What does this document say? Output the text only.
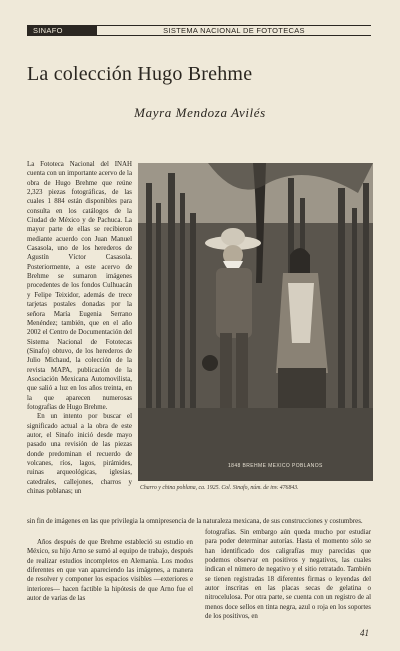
SINAFO	SISTEMA NACIONAL DE FOTOTECAS
La colección Hugo Brehme
Mayra Mendoza Avilés

La Fototeca Nacional del INAH cuenta con un importante acervo de la obra de Hugo Brehme que reúne 2,323 piezas fotográficas, de las cuales 1 884 están disponibles para consulta en los catálogos de la Ciudad de México y de Pachuca. La mayor parte de ellas se recibieron mediante acuerdo con Juan Manuel Casasola, uno de los herederos de Agustín Víctor Casasola. Posteriormente, a este acervo de Brehme se sumaron imágenes procedentes de los fondos Culhuacán y Felipe Teixidor, además de trece tarjetas postales donadas por la señora María Eugenia Serrano Menéndez; también, que en el año 2002 el Centro de Documentación del Sistema Nacional de Fototecas (Sinafo) obtuvo, de los herederos de Julio Michaud, la colección de la revista MAPA, publicación de la Asociación Mexicana Automovilista, que salió a luz en los años treinta, en la que aparecen numerosas fotografías de Hugo Brehme.

En un intento por buscar el significado actual a la obra de este autor, el Sinafo inició desde mayo pasado una revisión de las piezas donde predominan el recuerdo de volcanes, ríos, lagos, pirámides, ruinas arqueológicas, iglesias, catedrales, callejones, charros y chinas poblanas; un

1848 BREHME MEXICO POBLANOS
Charro y china poblana, ca. 1925. Col. Sinafo, núm. de inv. 476843.

sin fin de imágenes en las que privilegia la omnipresencia de la naturaleza mexicana, de sus construcciones y costumbres.

Años después de que Brehme estableció su estudio en México, su hijo Arno se sumó al equipo de trabajo, después de realizar estudios incompletos en Alemania. Los modos diferentes en que van apareciendo las imágenes, a manera de resolver y componer los espacios visibles —exteriores e interiores— hacen factible la hipótesis de que Arno fue el autor de varias de las

fotografías. Sin embargo aún queda mucho por estudiar para poder determinar autorías. Hasta el momento sólo se han identificado dos caligrafías muy parecidas que podemos observar en positivos y negativos, las cuales indican el número de negativo y el sitio retratado. También se tienen registradas 18 diferentes firmas o leyendas del autor inscritas en las placas secas de gelatina o nitrocelulosa. Por otra parte, se cuenta con un registro de al menos doce sellos en tinta negra, azul o roja en los soportes de los positivos, en

41
